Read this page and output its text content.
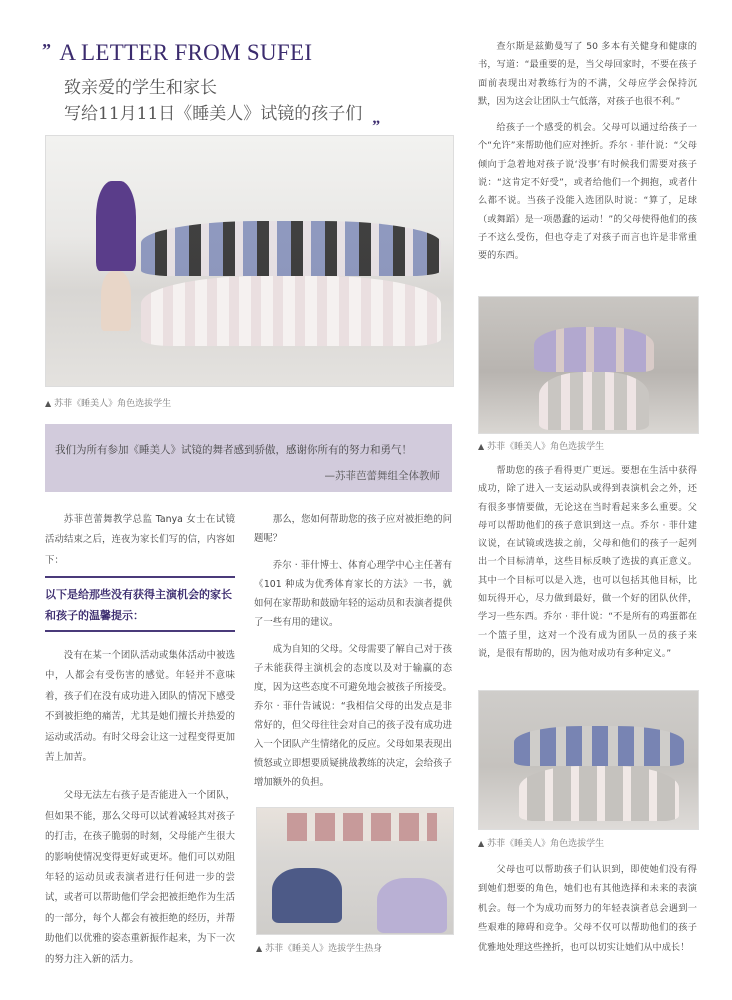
” A LETTER FROM SUFEI
致亲爱的学生和家长
写给11月11日《睡美人》试镜的孩子们 „
▲ 苏菲《睡美人》角色选拔学生
我们为所有参加《睡美人》试镜的舞者感到骄傲，感谢你所有的努力和勇气！
—苏菲芭蕾舞组全体教师

苏菲芭蕾舞教学总监 Tanya 女士在试镜活动结束之后，连夜为家长们写的信，内容如下：

以下是给那些没有获得主演机会的家长和孩子的温馨提示：

没有在某一个团队活动或集体活动中被选中，人都会有受伤害的感觉。年轻并不意味着，孩子们在没有成功进入团队的情况下感受不到被拒绝的痛苦，尤其是她们擅长并热爱的运动或活动。有时父母会让这一过程变得更加苦上加苦。

父母无法左右孩子是否能进入一个团队，但如果不能，那么父母可以试着减轻其对孩子的打击，在孩子脆弱的时刻，父母能产生很大的影响使情况变得更好或更坏。他们可以劝阻年轻的运动员或表演者进行任何进一步的尝试，或者可以帮助他们学会把被拒绝作为生活的一部分，每个人都会有被拒绝的经历，并帮助他们以优雅的姿态重新振作起来，为下一次的努力注入新的活力。

那么，您如何帮助您的孩子应对被拒绝的问题呢？

乔尔 · 菲什博士、体育心理学中心主任著有《101 种成为优秀体育家长的方法》一书，就如何在家帮助和鼓励年轻的运动员和表演者提供了一些有用的建议。

成为自知的父母。父母需要了解自己对于孩子未能获得主演机会的态度以及对于输赢的态度，因为这些态度不可避免地会被孩子所接受。乔尔 · 菲什告诫说：“我相信父母的出发点是非常好的，但父母往往会对自己的孩子没有成功进入一个团队产生情绪化的反应。父母如果表现出愤怒或立即想要质疑挑战教练的决定，会给孩子增加额外的负担。

▲ 苏菲《睡美人》选拔学生热身

查尔斯是兹勤曼写了 50 多本有关健身和健康的书，写道：“最重要的是，当父母回家时，不要在孩子面前表现出对教练行为的不满，父母应学会保持沉默，因为这会让团队士气低落，对孩子也很不利。”

给孩子一个感受的机会。父母可以通过给孩子一个“允许”来帮助他们应对挫折。乔尔 · 菲什说：“父母倾向于急着地对孩子说‘没事’有时候我们需要对孩子说：“这肯定不好受”，或者给他们一个拥抱，或者什么都不说。当孩子没能入选团队时说：“算了，足球（或舞蹈）是一项愚蠢的运动！”的父母使得他们的孩子不这么受伤，但也夺走了对孩子而言也许是非常重要的东西。

▲ 苏菲《睡美人》角色选拔学生

帮助您的孩子看得更广更远。要想在生活中获得成功，除了进入一支运动队或得到表演机会之外，还有很多事情要做，无论这在当时看起来多么重要。父母可以帮助他们的孩子意识到这一点。乔尔 · 菲什建议说，在试镜或选拔之前，父母和他们的孩子一起列出一个目标清单，这些目标反映了选拔的真正意义。其中一个目标可以是入选，也可以包括其他目标，比如玩得开心，尽力做到最好，做一个好的团队伙伴，学习一些东西。乔尔 · 菲什说：“不是所有的鸡蛋都在一个篮子里，这对一个没有成为团队一员的孩子来说，是很有帮助的，因为他对成功有多种定义。”

▲ 苏菲《睡美人》角色选拔学生

父母也可以帮助孩子们认识到，即使她们没有得到她们想要的角色，她们也有其他选择和未来的表演机会。每一个为成功而努力的年轻表演者总会遇到一些艰难的障碍和竞争。父母不仅可以帮助他们的孩子优雅地处理这些挫折，也可以切实让她们从中成长！
